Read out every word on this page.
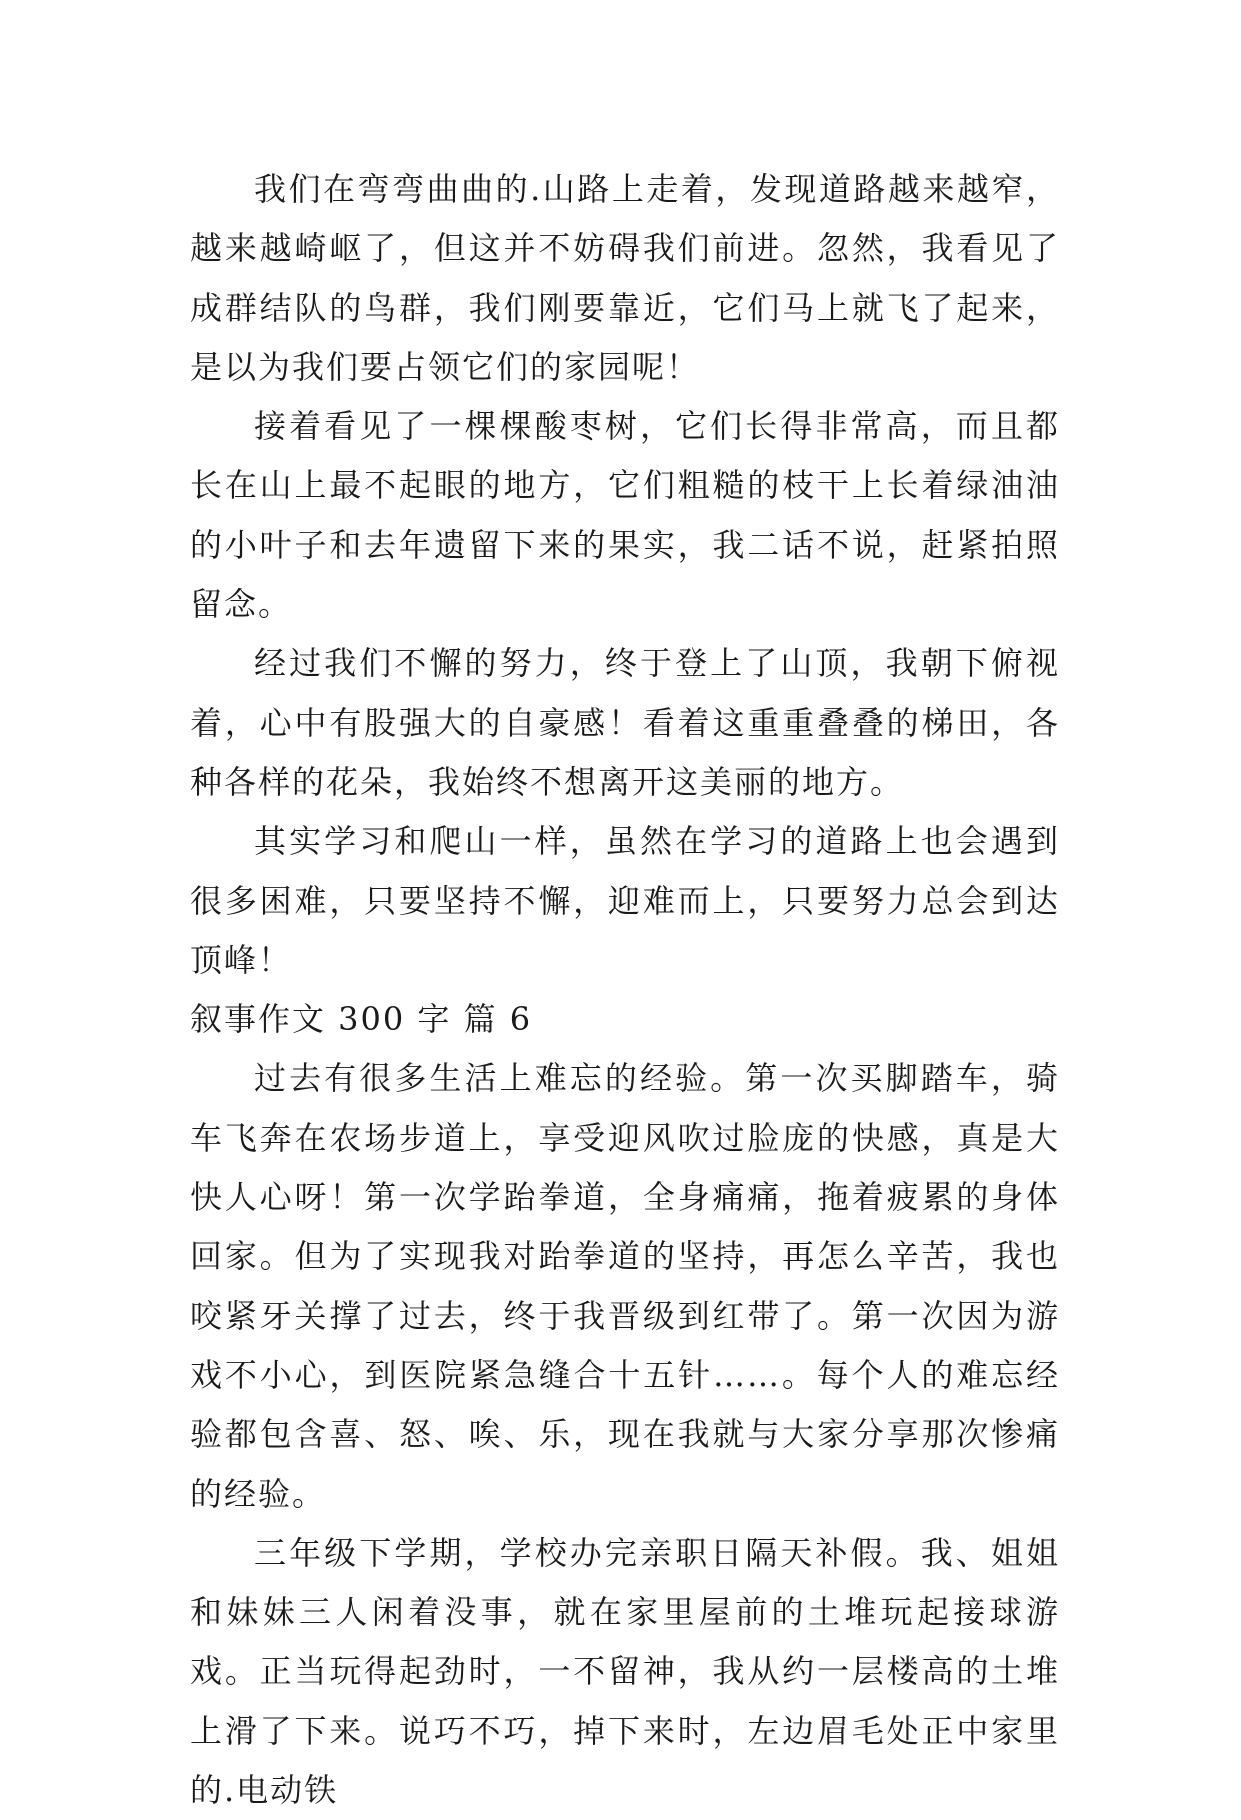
我们在弯弯曲曲的.山路上走着，发现道路越来越窄，越来越崎岖了，但这并不妨碍我们前进。忽然，我看见了成群结队的鸟群，我们刚要靠近，它们马上就飞了起来，是以为我们要占领它们的家园呢！

接着看见了一棵棵酸枣树，它们长得非常高，而且都长在山上最不起眼的地方，它们粗糙的枝干上长着绿油油的小叶子和去年遗留下来的果实，我二话不说，赶紧拍照留念。

经过我们不懈的努力，终于登上了山顶，我朝下俯视着，心中有股强大的自豪感！看着这重重叠叠的梯田，各种各样的花朵，我始终不想离开这美丽的地方。

其实学习和爬山一样，虽然在学习的道路上也会遇到很多困难，只要坚持不懈，迎难而上，只要努力总会到达顶峰！

叙事作文 300 字 篇 6

过去有很多生活上难忘的经验。第一次买脚踏车，骑车飞奔在农场步道上，享受迎风吹过脸庞的快感，真是大快人心呀！第一次学跆拳道，全身痛痛，拖着疲累的身体回家。但为了实现我对跆拳道的坚持，再怎么辛苦，我也咬紧牙关撑了过去，终于我晋级到红带了。第一次因为游戏不小心，到医院紧急缝合十五针……。每个人的难忘经验都包含喜、怒、唉、乐，现在我就与大家分享那次惨痛的经验。

三年级下学期，学校办完亲职日隔天补假。我、姐姐和妹妹三人闲着没事，就在家里屋前的土堆玩起接球游戏。正当玩得起劲时，一不留神，我从约一层楼高的土堆上滑了下来。说巧不巧，掉下来时，左边眉毛处正中家里的.电动铁
